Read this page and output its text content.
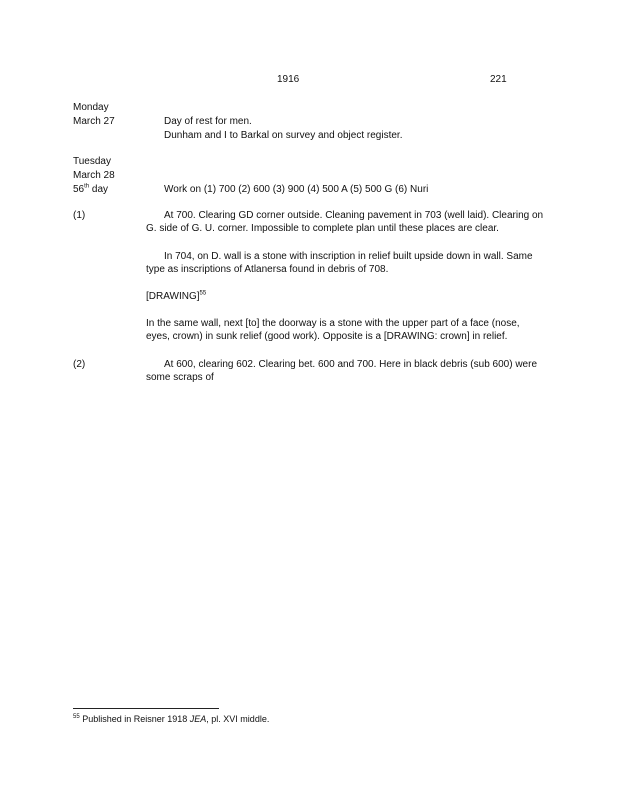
1916	221
Monday
March 27	Day of rest for men.
Dunham and I to Barkal on survey and object register.
Tuesday
March 28
56th day	Work on (1) 700 (2) 600 (3) 900 (4) 500 A (5) 500 G (6) Nuri
(1)	At 700. Clearing GD corner outside. Cleaning pavement in 703 (well laid). Clearing on G. side of G. U. corner. Impossible to complete plan until these places are clear.
In 704, on D. wall is a stone with inscription in relief built upside down in wall. Same type as inscriptions of Atlanersa found in debris of 708.
[DRAWING]$^{55}$
In the same wall, next [to] the doorway is a stone with the upper part of a face (nose, eyes, crown) in sunk relief (good work). Opposite is a [DRAWING: crown] in relief.
(2)	At 600, clearing 602. Clearing bet. 600 and 700. Here in black debris (sub 600) were some scraps of
$^{55}$ Published in Reisner 1918 JEA, pl. XVI middle.
